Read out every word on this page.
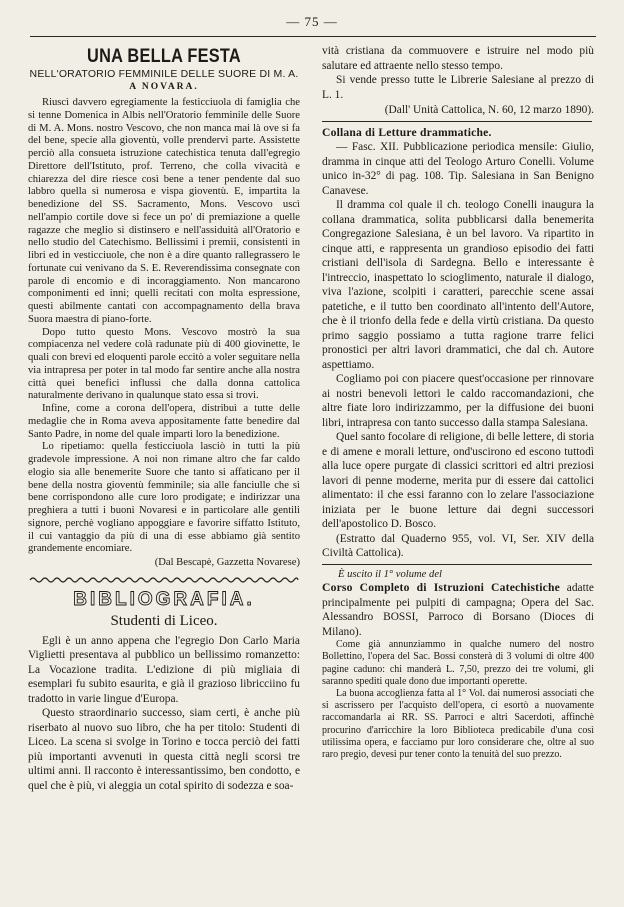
— 75 —
UNA BELLA FESTA
NELL'ORATORIO FEMMINILE DELLE SUORE DI M. A.
A NOVARA.

Riuscì davvero egregiamente la festicciuola di famiglia che si tenne Domenica in Albis nell'Oratorio femminile delle Suore di M. A. Mons. nostro Vescovo, che non manca mai là ove si fa del bene, specie alla gioventù, volle prendervi parte. Assistette perciò alla consueta istruzione catechistica tenuta dall'egregio Direttore dell'Istituto, prof. Terreno, che colla vivacità e chiarezza del dire riesce così bene a tener pendente dal suo labbro quella sì numerosa e vispa gioventù. E, impartita la benedizione del SS. Sacramento, Mons. Vescovo uscì nell'ampio cortile dove si fece un po' di premiazione a quelle ragazze che meglio si distinsero e nell'assiduità all'Oratorio e nello studio del Catechismo. Bellissimi i premii, consistenti in libri ed in vesticciuole, che non è a dire quanto rallegrassero le fortunate cui venivano da S. E. Reverendissima consegnate con parole di encomio e di incoraggiamento. Non mancarono componimenti ed inni; quelli recitati con molta espressione, questi abilmente cantati con accompagnamento della brava Suora maestra di piano-forte.

Dopo tutto questo Mons. Vescovo mostrò la sua compiacenza nel vedere colà radunate più di 400 giovinette, le quali con brevi ed eloquenti parole eccitò a voler seguitare nella via intrapresa per poter in tal modo far sentire anche alla nostra città quei benefici influssi che dalla donna cattolica naturalmente derivano in qualunque stato essa si trovi.

Infine, come a corona dell'opera, distribuì a tutte delle medaglie che in Roma aveva appositamente fatte benedire dal Santo Padre, in nome del quale impartì loro la benedizione.

Lo ripetiamo: quella festicciuola lasciò in tutti la più gradevole impressione. A noi non rimane altro che far caldo elogio sia alle benemerite Suore che tanto si affaticano per il bene della nostra gioventù femminile; sia alle fanciulle che sì bene corrispondono alle cure loro prodigate; e indirizzar una preghiera a tutti i buoni Novaresi e in particolare alle gentili signore, perchè vogliano appoggiare e favorire siffatto Istituto, il cui vantaggio da più di una di esse abbiamo già sentito grandemente encomiare.

(Dal Bescapè, Gazzetta Novarese)

BIBLIOGRAFIA.
Studenti di Liceo.

Egli è un anno appena che l'egregio Don Carlo Maria Viglietti presentava al pubblico un bellissimo romanzetto: La Vocazione tradita. L'edizione di più migliaia di esemplari fu subito esaurita, e già il grazioso libricciino fu tradotto in varie lingue d'Europa.

Questo straordinario successo, siam certi, è anche più riserbato al nuovo suo libro, che ha per titolo: Studenti di Liceo. La scena si svolge in Torino e tocca perciò dei fatti più importanti avvenuti in questa città negli scorsi tre ultimi anni. Il racconto è interessantissimo, ben condotto, e quel che è più, vi aleggia un cotal spirito di sodezza e soa-

vità cristiana da commuovere e istruire nel modo più salutare ed attraente nello stesso tempo.

Si vende presso tutte le Librerie Salesiane al prezzo di L. 1.

(Dall' Unità Cattolica, N. 60, 12 marzo 1890).

Collana di Letture drammatiche.

— Fasc. XII. Pubblicazione periodica mensile: Giulio, dramma in cinque atti del Teologo Arturo Conelli. Volume unico in-32° di pag. 108. Tip. Salesiana in San Benigno Canavese.

Il dramma col quale il ch. teologo Conelli inaugura la collana drammatica, solita pubblicarsi dalla benemerita Congregazione Salesiana, è un bel lavoro. Va ripartito in cinque atti, e rappresenta un grandioso episodio dei fatti cristiani dell'isola di Sardegna. Bello e interessante è l'intreccio, inaspettato lo scioglimento, naturale il dialogo, viva l'azione, scolpiti i caratteri, parecchie scene assai patetiche, e il tutto ben coordinato all'intento dell'Autore, che è il trionfo della fede e della virtù cristiana. Da questo primo saggio possiamo a tutta ragione trarre felici pronostici per altri lavori drammatici, che dal ch. Autore aspettiamo.

Cogliamo poi con piacere quest'occasione per rinnovare ai nostri benevoli lettori le caldo raccomandazioni, che altre fiate loro indirizzammo, per la diffusione dei buoni libri, intrapresa con tanto successo dalla stampa Salesiana.

Quel santo focolare di religione, di belle lettere, di storia e di amene e morali letture, ond'uscirono ed escono tuttodì alla luce opere purgate di classici scrittori ed altri preziosi lavori di penne moderne, merita pur di essere dai cattolici alimentato: il che essi faranno con lo zelare l'associazione iniziata per le buone letture dai degni successori dell'apostolico D. Bosco.

(Estratto dal Quaderno 955, vol. VI, Ser. XIV della Civiltà Cattolica).

È uscito il 1° volume del

Corso Completo di Istruzioni Catechistiche adatte principalmente pei pulpiti di campagna; Opera del Sac. Alessandro BOSSI, Parroco di Borsano (Dioces di Milano).

Come già annunziammo in qualche numero del nostro Bollettino, l'opera del Sac. Bossi consterà di 3 volumi di oltre 400 pagine caduno: chi manderà L. 7,50, prezzo dei tre volumi, gli saranno spediti quale dono due importanti operette.

La buona accoglienza fatta al 1° Vol. dai numerosi associati che si ascrissero per l'acquisto dell'opera, ci esortò a nuovamente raccomandarla ai RR. SS. Parroci e altri Sacerdoti, affinchè procurino d'arricchire la loro Biblioteca predicabile d'una così utilissima opera, e facciamo pur loro considerare che, oltre al suo raro pregio, devesi pur tener conto la tenuità del suo prezzo.
